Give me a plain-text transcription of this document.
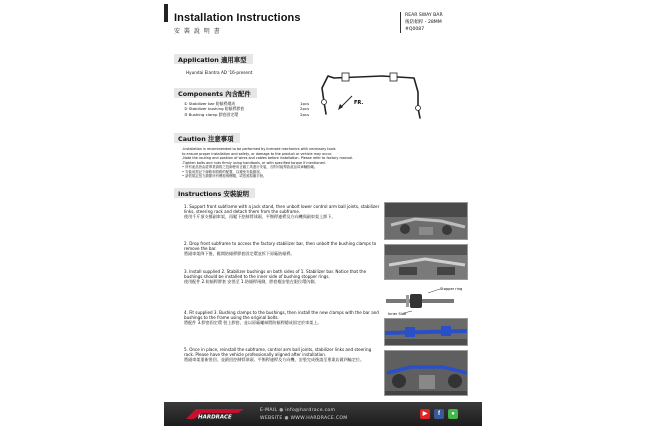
Installation Instructions
安 裝 說 明 書
REAR SWAY BAR
後防傾桿 - 28MM
#Q0087
Application 適用車型
Hyundai Elantra AD '16-present
FR.
Components 內含配件
① Stabilizer bar 防傾桿總成	1pcs
② Stabilizer bushing 防傾桿膠套	2pcs
③ Bushing clamp 膠套固定環	2pcs
Caution 注意事項
-Installation is recommended to be performed by licensed mechanics with necessary tools
to ensure proper installation and safety, or damage to the product or vehicle may occur.
-Note the routing and position of wires and cables before installation. Please refer to factory manual.
-Tighten bolts and nuts firmly using handtools, or with specified torque if mentioned.
• 所有產品皆由經專業資格之技師使用正確工具進行安裝，否則可能導致產品或車輛損壞。
• 安裝前需記下線路和管路的配置，以避免安裝錯誤。
• 請依規定扭力鎖緊所有螺栓與螺帽，或依照原廠手冊。
Instructions 安裝說明
1. Support front subframe with a jack stand, then unbolt lower control arm ball joints, stabilizer links, steering rack and detach them from the subframe.
使用千斤頂支撐副車架，再鬆下控制臂球頭、平衡桿連桿及方向機與副車架上卸下。
2. Drop front subframe to access the factory stabilizer bar, then unbolt the bushing clamps to remove the bar.
將副車架降下後，鬆開防傾桿膠套固定環並拆下原廠防傾桿。
3. Install supplied 2. Stabilizer bushings on both sides of 1. Stabilizer bar. Notice that the bushings should be installed to the inner side of bushing stopper rings.
使用配件 2.防傾桿膠套 安裝至 1.防傾桿兩側，膠套應安裝在限位環內側。
4. Fit supplied 3. Bushing clamps to the bushings, then install the new clamps with the bar and bushings to the frame using the original bolts.
將配件 3.膠套固定環 裝上膠套，並以原廠螺絲將防傾桿總成固定於車架上。
5. Once in place, reinstall the subframe, control arm ball joints, stabilizer links and steering rack. Please have the vehicle professionally aligned after installation.
將副車架重新裝回，並鎖回控制臂球頭、平衡桿連桿及方向機，安裝完成後請至專業店做四輪定位。
Stopper ring
Inner Side
HARDRACE
E-MAIL ● info@hardrace.com
WEBSITE ● WWW.HARDRACE.COM
▶	f	●
